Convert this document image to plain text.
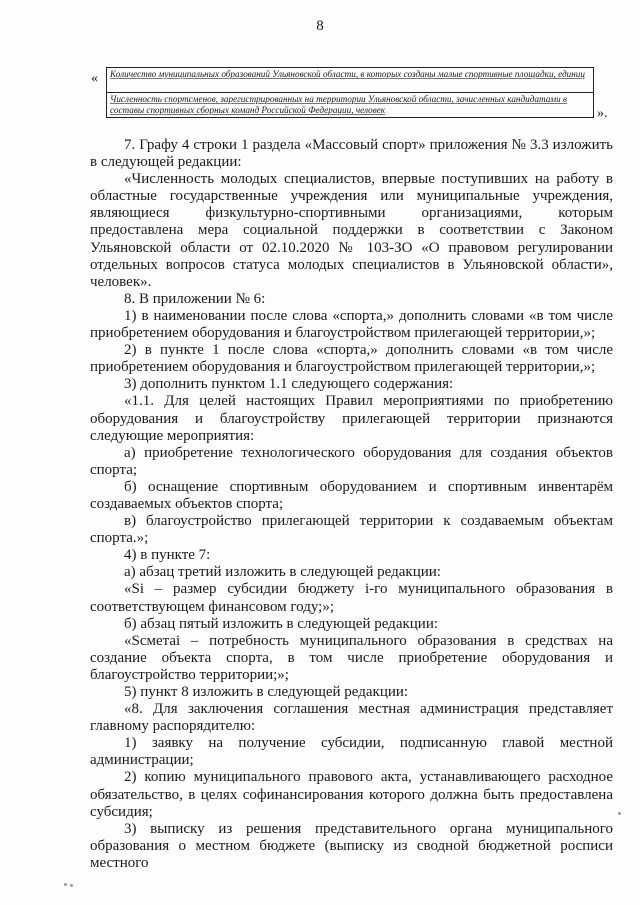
8
«	Количество муниципальных образований Ульяновской области, в которых созданы малые спортивные площадки, единиц
Численность спортсменов, зарегистрированных на территории Ульяновской области, зачисленных кандидатами в составы спортивных сборных команд Российской Федерации, человек	».

7. Графу 4 строки 1 раздела «Массовый спорт» приложения № 3.3 изложить в следующей редакции:

«Численность молодых специалистов, впервые поступивших на работу в областные государственные учреждения или муниципальные учреждения, являющиеся физкультурно-спортивными организациями, которым предоставлена мера социальной поддержки в соответствии с Законом Ульяновской области от 02.10.2020 № 103-ЗО «О правовом регулировании отдельных вопросов статуса молодых специалистов в Ульяновской области», человек».

8. В приложении № 6:

1) в наименовании после слова «спорта,» дополнить словами «в том числе приобретением оборудования и благоустройством прилегающей территории,»;

2) в пункте 1 после слова «спорта,» дополнить словами «в том числе приобретением оборудования и благоустройством прилегающей территории,»;

3) дополнить пунктом 1.1 следующего содержания:

«1.1. Для целей настоящих Правил мероприятиями по приобретению оборудования и благоустройству прилегающей территории признаются следующие мероприятия:

а) приобретение технологического оборудования для создания объектов спорта;

б) оснащение спортивным оборудованием и спортивным инвентарём создаваемых объектов спорта;

в) благоустройство прилегающей территории к создаваемым объектам спорта.»;

4) в пункте 7:

а) абзац третий изложить в следующей редакции:

«Si – размер субсидии бюджету i-го муниципального образования в соответствующем финансовом году;»;

б) абзац пятый изложить в следующей редакции:

«Sсметаi – потребность муниципального образования в средствах на создание объекта спорта, в том числе приобретение оборудования и благоустройство территории;»;

5) пункт 8 изложить в следующей редакции:

«8. Для заключения соглашения местная администрация представляет главному распорядителю:

1) заявку на получение субсидии, подписанную главой местной администрации;

2) копию муниципального правового акта, устанавливающего расходное обязательство, в целях софинансирования которого должна быть предоставлена субсидия;

3) выписку из решения представительного органа муниципального образования о местном бюджете (выписку из сводной бюджетной росписи местного
